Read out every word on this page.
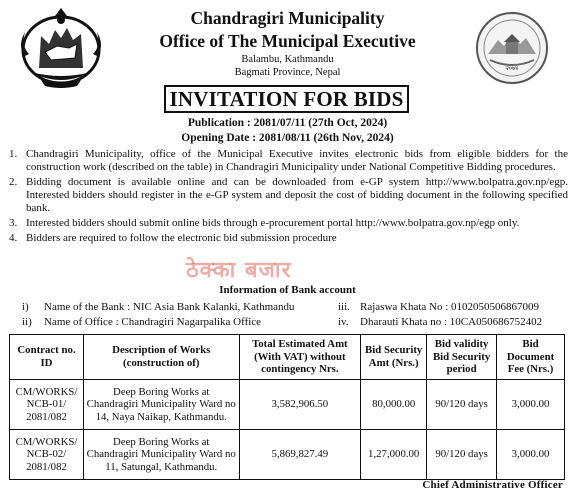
Chandragiri Municipality
Office of The Municipal Executive
Balambu, Kathmandu
Bagmati Province, Nepal	२०७४
INVITATION FOR BIDS
Publication : 2081/07/11 (27th Oct, 2024)
Opening Date : 2081/08/11 (26th Nov, 2024)
1. Chandragiri Municipality, office of the Municipal Executive invites electronic bids from eligible bidders for the construction work (described on the table) in Chandragiri Municipality under National Competitive Bidding procedures.
2. Bidding document is available online and can be downloaded from e-GP system http://www.bolpatra.gov.np/egp. Interested bidders should register in the e-GP system and deposit the cost of bidding document in the following specified bank.
3. Interested bidders should submit online bids through e-procurement portal http://www.bolpatra.gov.np/egp only.
4. Bidders are required to follow the electronic bid submission procedure
ठेक्का बजार
Information of Bank account
i) Name of the Bank : NIC Asia Bank Kalanki, Kathmandu
ii) Name of Office : Chandragiri Nagarpalika Office
iii. Rajaswa Khata No : 0102050506867009
iv. Dharauti Khata no : 10CA050686752402
Contract no. ID	Description of Works (construction of)	Total Estimated Amt (With VAT) without contingency Nrs.	Bid Security Amt (Nrs.)	Bid validity Bid Security period	Bid Document Fee (Nrs.)
CM/WORKS/ NCB-01/ 2081/082	Deep Boring Works at Chandragiri Municipality Ward no 14, Naya Naikap, Kathmandu.	3,582,906.50	80,000.00	90/120 days	3,000.00
CM/WORKS/ NCB-02/ 2081/082	Deep Boring Works at Chandragiri Municipality Ward no 11, Satungal, Kathmandu.	5,869,827.49	1,27,000.00	90/120 days	3,000.00
Chief Administrative Officer
